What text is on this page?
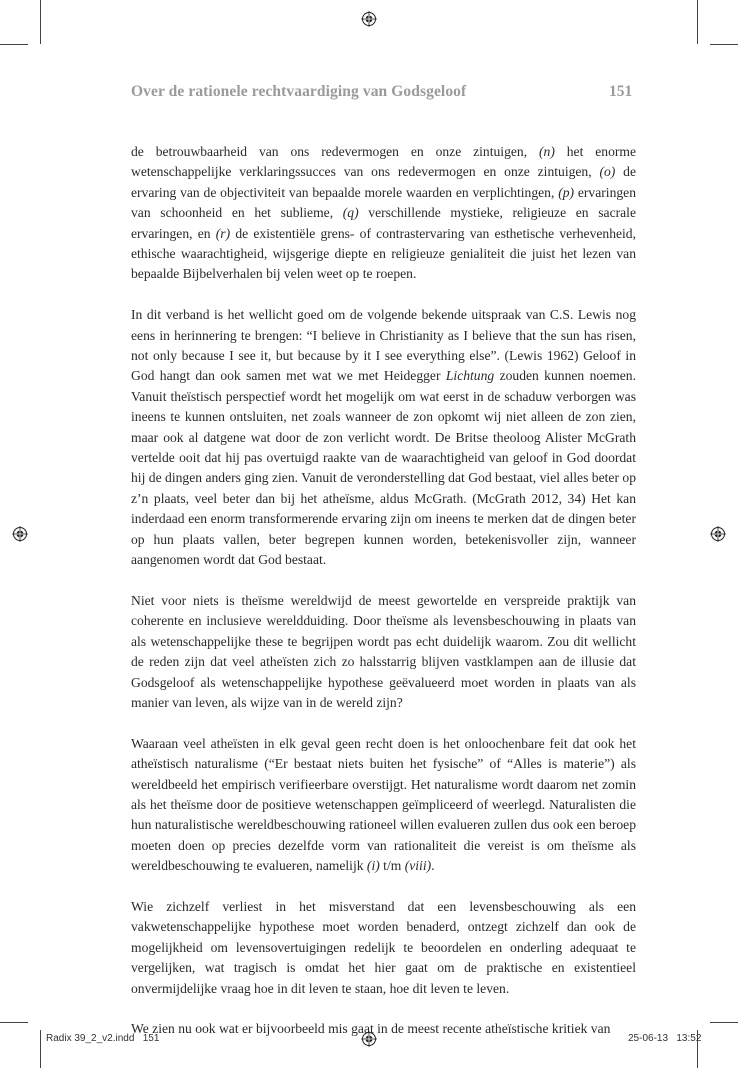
Over de rationele rechtvaardiging van Godsgeloof	151

de betrouwbaarheid van ons redevermogen en onze zintuigen, (n) het enorme wetenschappelijke verklaringssucces van ons redevermogen en onze zintuigen, (o) de ervaring van de objectiviteit van bepaalde morele waarden en verplichtingen, (p) ervaringen van schoonheid en het sublieme, (q) verschillende mystieke, religieuze en sacrale ervaringen, en (r) de existentiële grens- of contrastervaring van esthetische verhevenheid, ethische waarachtigheid, wijsgerige diepte en religieuze genialiteit die juist het lezen van bepaalde Bijbelverhalen bij velen weet op te roepen.

In dit verband is het wellicht goed om de volgende bekende uitspraak van C.S. Lewis nog eens in herinnering te brengen: “I believe in Christianity as I believe that the sun has risen, not only because I see it, but because by it I see everything else”. (Lewis 1962) Geloof in God hangt dan ook samen met wat we met Heidegger Lichtung zouden kunnen noemen. Vanuit theïstisch perspectief wordt het mogelijk om wat eerst in de schaduw verborgen was ineens te kunnen ontsluiten, net zoals wanneer de zon opkomt wij niet alleen de zon zien, maar ook al datgene wat door de zon verlicht wordt. De Britse theoloog Alister McGrath vertelde ooit dat hij pas overtuigd raakte van de waarachtigheid van geloof in God doordat hij de dingen anders ging zien. Vanuit de veronderstelling dat God bestaat, viel alles beter op z’n plaats, veel beter dan bij het atheïsme, aldus McGrath. (McGrath 2012, 34) Het kan inderdaad een enorm transformerende ervaring zijn om ineens te merken dat de dingen beter op hun plaats vallen, beter begrepen kunnen worden, betekenisvoller zijn, wanneer aangenomen wordt dat God bestaat.

Niet voor niets is theïsme wereldwijd de meest gewortelde en verspreide praktijk van coherente en inclusieve wereldduiding. Door theïsme als levensbeschouwing in plaats van als wetenschappelijke these te begrijpen wordt pas echt duidelijk waarom. Zou dit wellicht de reden zijn dat veel atheïsten zich zo halsstarrig blijven vastklampen aan de illusie dat Godsgeloof als wetenschappelijke hypothese geëvalueerd moet worden in plaats van als manier van leven, als wijze van in de wereld zijn?

Waaraan veel atheïsten in elk geval geen recht doen is het onloochenbare feit dat ook het atheïstisch naturalisme (“Er bestaat niets buiten het fysische” of “Alles is materie”) als wereldbeeld het empirisch verifieerbare overstijgt. Het naturalisme wordt daarom net zomin als het theïsme door de positieve wetenschappen geïmpliceerd of weerlegd. Naturalisten die hun naturalistische wereldbeschouwing rationeel willen evalueren zullen dus ook een beroep moeten doen op precies dezelfde vorm van rationaliteit die vereist is om theïsme als wereldbeschouwing te evalueren, namelijk (i) t/m (viii).

Wie zichzelf verliest in het misverstand dat een levensbeschouwing als een vakwetenschappelijke hypothese moet worden benaderd, ontzegt zichzelf dan ook de mogelijkheid om levensovertuigingen redelijk te beoordelen en onderling adequaat te vergelijken, wat tragisch is omdat het hier gaat om de praktische en existentieel onvermijdelijke vraag hoe in dit leven te staan, hoe dit leven te leven.

We zien nu ook wat er bijvoorbeeld mis gaat in de meest recente atheïstische kritiek van

Radix 39_2_v2.indd   151	25-06-13   13:52
